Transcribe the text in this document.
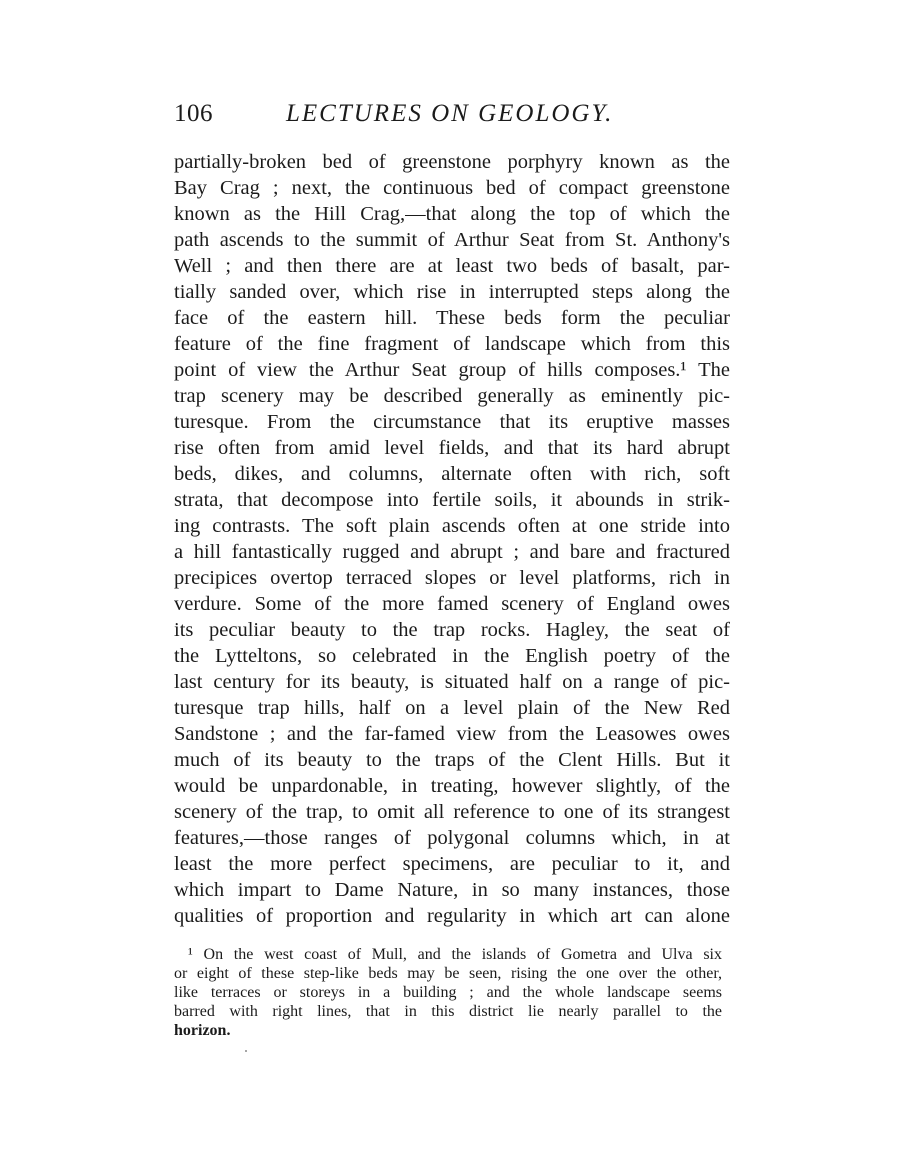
106	LECTURES ON GEOLOGY.
partially-broken bed of greenstone porphyry known as the
Bay Crag ; next, the continuous bed of compact greenstone
known as the Hill Crag,—that along the top of which the
path ascends to the summit of Arthur Seat from St. Anthony's
Well ; and then there are at least two beds of basalt, par-
tially sanded over, which rise in interrupted steps along the
face of the eastern hill. These beds form the peculiar
feature of the fine fragment of landscape which from this
point of view the Arthur Seat group of hills composes.¹ The
trap scenery may be described generally as eminently pic-
turesque. From the circumstance that its eruptive masses
rise often from amid level fields, and that its hard abrupt
beds, dikes, and columns, alternate often with rich, soft
strata, that decompose into fertile soils, it abounds in strik-
ing contrasts. The soft plain ascends often at one stride into
a hill fantastically rugged and abrupt ; and bare and fractured
precipices overtop terraced slopes or level platforms, rich in
verdure. Some of the more famed scenery of England owes
its peculiar beauty to the trap rocks. Hagley, the seat of
the Lytteltons, so celebrated in the English poetry of the
last century for its beauty, is situated half on a range of pic-
turesque trap hills, half on a level plain of the New Red
Sandstone ; and the far-famed view from the Leasowes owes
much of its beauty to the traps of the Clent Hills. But it
would be unpardonable, in treating, however slightly, of the
scenery of the trap, to omit all reference to one of its strangest
features,—those ranges of polygonal columns which, in at
least the more perfect specimens, are peculiar to it, and
which impart to Dame Nature, in so many instances, those
qualities of proportion and regularity in which art can alone
¹ On the west coast of Mull, and the islands of Gometra and Ulva six
or eight of these step-like beds may be seen, rising the one over the other,
like terraces or storeys in a building ; and the whole landscape seems
barred with right lines, that in this district lie nearly parallel to the
horizon.
